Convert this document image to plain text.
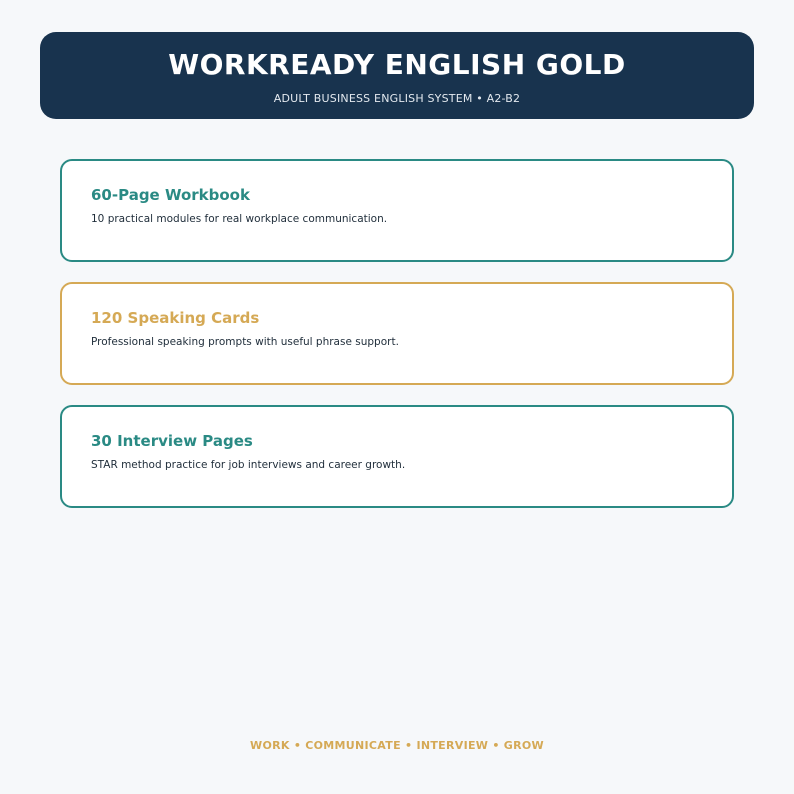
WORKREADY ENGLISH GOLD

ADULT BUSINESS ENGLISH SYSTEM • A2-B2

60-Page Workbook

10 practical modules for real workplace communication.

120 Speaking Cards

Professional speaking prompts with useful phrase support.

30 Interview Pages

STAR method practice for job interviews and career growth.

WORK • COMMUNICATE • INTERVIEW • GROW
